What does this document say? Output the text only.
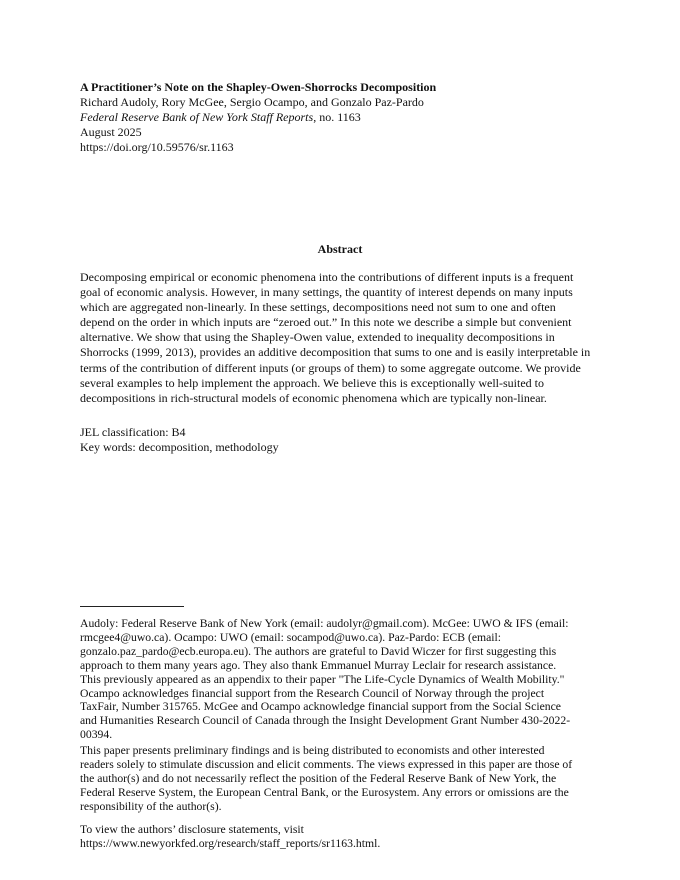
A Practitioner’s Note on the Shapley-Owen-Shorrocks Decomposition
Richard Audoly, Rory McGee, Sergio Ocampo, and Gonzalo Paz-Pardo
Federal Reserve Bank of New York Staff Reports, no. 1163
August 2025
https://doi.org/10.59576/sr.1163
Abstract
Decomposing empirical or economic phenomena into the contributions of different inputs is a frequent
goal of economic analysis. However, in many settings, the quantity of interest depends on many inputs
which are aggregated non-linearly. In these settings, decompositions need not sum to one and often
depend on the order in which inputs are “zeroed out.” In this note we describe a simple but convenient
alternative. We show that using the Shapley-Owen value, extended to inequality decompositions in
Shorrocks (1999, 2013), provides an additive decomposition that sums to one and is easily interpretable in
terms of the contribution of different inputs (or groups of them) to some aggregate outcome. We provide
several examples to help implement the approach. We believe this is exceptionally well-suited to
decompositions in rich-structural models of economic phenomena which are typically non-linear.
JEL classification: B4
Key words: decomposition, methodology
Audoly: Federal Reserve Bank of New York (email: audolyr@gmail.com). McGee: UWO & IFS (email:
rmcgee4@uwo.ca). Ocampo: UWO (email: socampod@uwo.ca). Paz-Pardo: ECB (email:
gonzalo.paz_pardo@ecb.europa.eu). The authors are grateful to David Wiczer for first suggesting this
approach to them many years ago. They also thank Emmanuel Murray Leclair for research assistance.
This previously appeared as an appendix to their paper "The Life-Cycle Dynamics of Wealth Mobility."
Ocampo acknowledges financial support from the Research Council of Norway through the project
TaxFair, Number 315765. McGee and Ocampo acknowledge financial support from the Social Science
and Humanities Research Council of Canada through the Insight Development Grant Number 430-2022-
00394.
This paper presents preliminary findings and is being distributed to economists and other interested
readers solely to stimulate discussion and elicit comments. The views expressed in this paper are those of
the author(s) and do not necessarily reflect the position of the Federal Reserve Bank of New York, the
Federal Reserve System, the European Central Bank, or the Eurosystem. Any errors or omissions are the
responsibility of the author(s).
To view the authors’ disclosure statements, visit
https://www.newyorkfed.org/research/staff_reports/sr1163.html.
